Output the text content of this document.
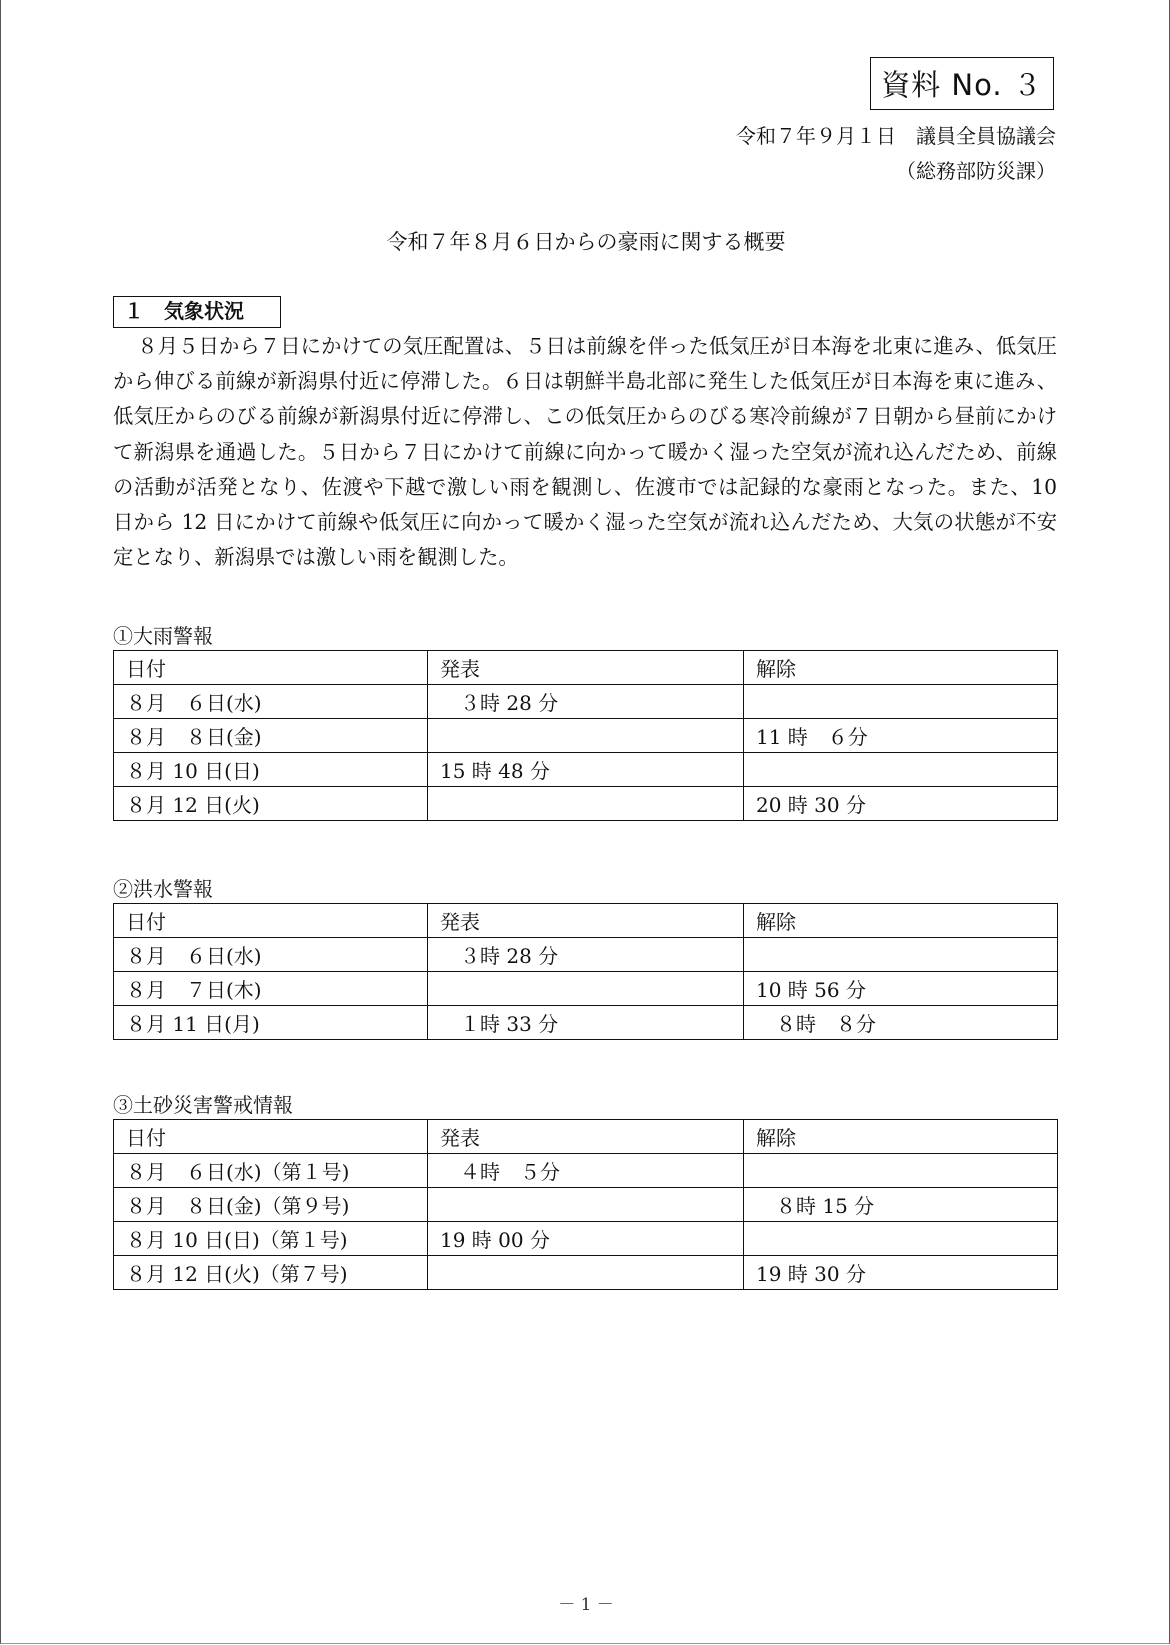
資料 No. ３
令和７年９月１日　議員全員協議会
（総務部防災課）
令和７年８月６日からの豪雨に関する概要
１　気象状況
８月５日から７日にかけての気圧配置は、５日は前線を伴った低気圧が日本海を北東に進み、低気圧から伸びる前線が新潟県付近に停滞した。６日は朝鮮半島北部に発生した低気圧が日本海を東に進み、低気圧からのびる前線が新潟県付近に停滞し、この低気圧からのびる寒冷前線が７日朝から昼前にかけて新潟県を通過した。５日から７日にかけて前線に向かって暖かく湿った空気が流れ込んだため、前線の活動が活発となり、佐渡や下越で激しい雨を観測し、佐渡市では記録的な豪雨となった。また、10 日から 12 日にかけて前線や低気圧に向かって暖かく湿った空気が流れ込んだため、大気の状態が不安定となり、新潟県では激しい雨を観測した。
①大雨警報
日付	発表	解除
８月　６日(水)	　３時 28 分	
８月　８日(金)		11 時　６分
８月 10 日(日)	15 時 48 分	
８月 12 日(火)		20 時 30 分
②洪水警報
日付	発表	解除
８月　６日(水)	　３時 28 分	
８月　７日(木)		10 時 56 分
８月 11 日(月)	　１時 33 分	　８時　８分
③土砂災害警戒情報
日付	発表	解除
８月　６日(水)（第１号)	　４時　５分	
８月　８日(金)（第９号)		　８時 15 分
８月 10 日(日)（第１号)	19 時 00 分	
８月 12 日(火)（第７号)		19 時 30 分
－ 1 －
